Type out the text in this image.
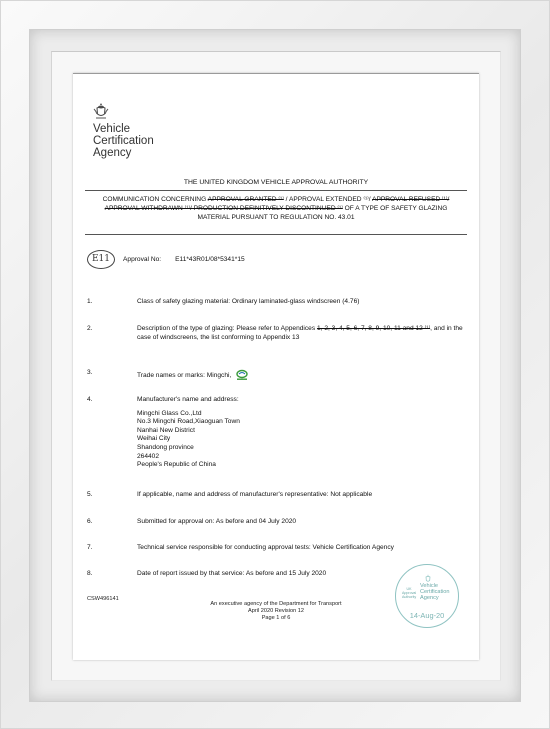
Vehicle
Certification
Agency
THE UNITED KINGDOM VEHICLE APPROVAL AUTHORITY
COMMUNICATION CONCERNING APPROVAL GRANTED ⁽¹⁾ / APPROVAL EXTENDED ⁽¹⁾/ APPROVAL REFUSED ⁽¹⁾/ APPROVAL WITHDRAWN ⁽¹⁾/ PRODUCTION DEFINITIVELY DISCONTINUED ⁽¹⁾ OF A TYPE OF SAFETY GLAZING MATERIAL PURSUANT TO REGULATION NO. 43.01
E11	Approval No: E11*43R01/08*5341*15
1.	Class of safety glazing material: Ordinary laminated-glass windscreen (4.76)
2.	Description of the type of glazing: Please refer to Appendices 1, 2, 3, 4, 5, 6, 7, 8, 9, 10, 11 and 12 ⁽¹⁾, and in the case of windscreens, the list conforming to Appendix 13
3.	Trade names or marks: Mingchi,
4.	Manufacturer's name and address:
Mingchi Glass Co.,Ltd
No.3 Mingchi Road,Xiaoguan Town
Nanhai New District
Weihai City
Shandong province
264402
People's Republic of China
5.	If applicable, name and address of manufacturer's representative: Not applicable
6.	Submitted for approval on: As before and 04 July 2020
7.	Technical service responsible for conducting approval tests: Vehicle Certification Agency
8.	Date of report issued by that service: As before and 15 July 2020
CSW496141
An executive agency of the Department for Transport
April 2020 Revision 12
Page 1 of 6
UK Approval Authority
Vehicle
Certification
Agency
14-Aug-20
